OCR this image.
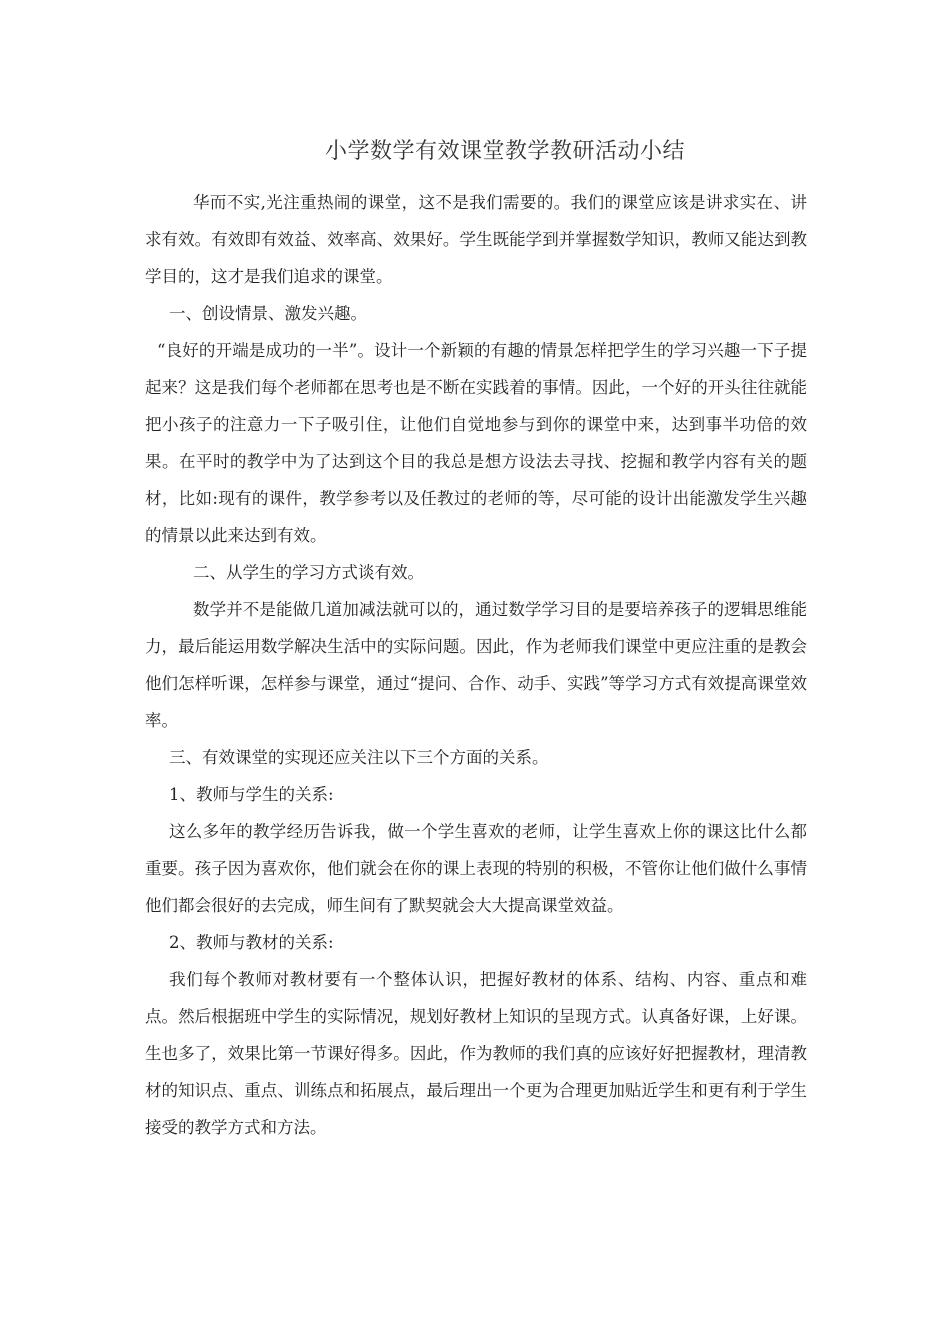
小学数学有效课堂教学教研活动小结

华而不实,光注重热闹的课堂，这不是我们需要的。我们的课堂应该是讲求实在、讲求有效。有效即有效益、效率高、效果好。学生既能学到并掌握数学知识，教师又能达到教学目的，这才是我们追求的课堂。

一、创设情景、激发兴趣。

“良好的开端是成功的一半”。设计一个新颖的有趣的情景怎样把学生的学习兴趣一下子提起来？这是我们每个老师都在思考也是不断在实践着的事情。因此，一个好的开头往往就能把小孩子的注意力一下子吸引住，让他们自觉地参与到你的课堂中来，达到事半功倍的效果。在平时的教学中为了达到这个目的我总是想方设法去寻找、挖掘和教学内容有关的题材，比如:现有的课件，教学参考以及任教过的老师的等，尽可能的设计出能激发学生兴趣的情景以此来达到有效。

二、从学生的学习方式谈有效。

数学并不是能做几道加减法就可以的，通过数学学习目的是要培养孩子的逻辑思维能力，最后能运用数学解决生活中的实际问题。因此，作为老师我们课堂中更应注重的是教会他们怎样听课，怎样参与课堂，通过“提问、合作、动手、实践”等学习方式有效提高课堂效率。

三、有效课堂的实现还应关注以下三个方面的关系。

1、教师与学生的关系:

这么多年的教学经历告诉我，做一个学生喜欢的老师，让学生喜欢上你的课这比什么都重要。孩子因为喜欢你，他们就会在你的课上表现的特别的积极，不管你让他们做什么事情他们都会很好的去完成，师生间有了默契就会大大提高课堂效益。

2、教师与教材的关系:

我们每个教师对教材要有一个整体认识，把握好教材的体系、结构、内容、重点和难点。然后根据班中学生的实际情况，规划好教材上知识的呈现方式。认真备好课，上好课。生也多了，效果比第一节课好得多。因此，作为教师的我们真的应该好好把握教材，理清教材的知识点、重点、训练点和拓展点，最后理出一个更为合理更加贴近学生和更有利于学生接受的教学方式和方法。
